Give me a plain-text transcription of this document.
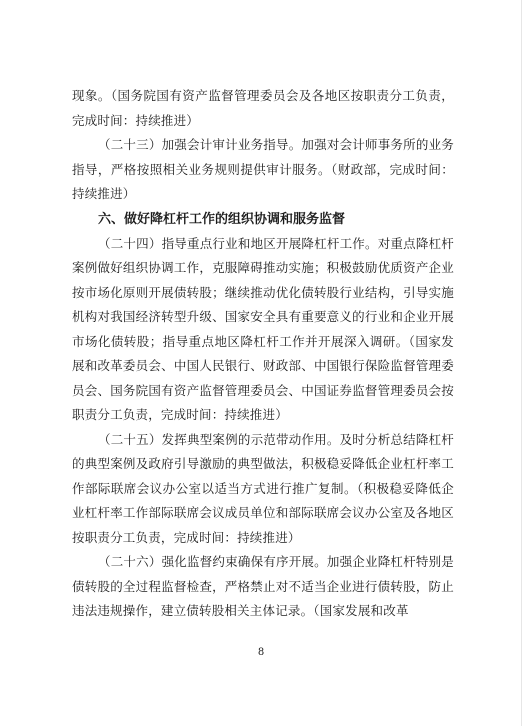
现象。（国务院国有资产监督管理委员会及各地区按职责分工负责，完成时间：持续推进）

（二十三）加强会计审计业务指导。加强对会计师事务所的业务指导，严格按照相关业务规则提供审计服务。（财政部，完成时间：持续推进）

六、做好降杠杆工作的组织协调和服务监督

（二十四）指导重点行业和地区开展降杠杆工作。对重点降杠杆案例做好组织协调工作，克服障碍推动实施；积极鼓励优质资产企业按市场化原则开展债转股；继续推动优化债转股行业结构，引导实施机构对我国经济转型升级、国家安全具有重要意义的行业和企业开展市场化债转股；指导重点地区降杠杆工作并开展深入调研。（国家发展和改革委员会、中国人民银行、财政部、中国银行保险监督管理委员会、国务院国有资产监督管理委员会、中国证券监督管理委员会按职责分工负责，完成时间：持续推进）

（二十五）发挥典型案例的示范带动作用。及时分析总结降杠杆的典型案例及政府引导激励的典型做法，积极稳妥降低企业杠杆率工作部际联席会议办公室以适当方式进行推广复制。（积极稳妥降低企业杠杆率工作部际联席会议成员单位和部际联席会议办公室及各地区按职责分工负责，完成时间：持续推进）

（二十六）强化监督约束确保有序开展。加强企业降杠杆特别是债转股的全过程监督检查，严格禁止对不适当企业进行债转股，防止违法违规操作，建立债转股相关主体记录。（国家发展和改革

8
